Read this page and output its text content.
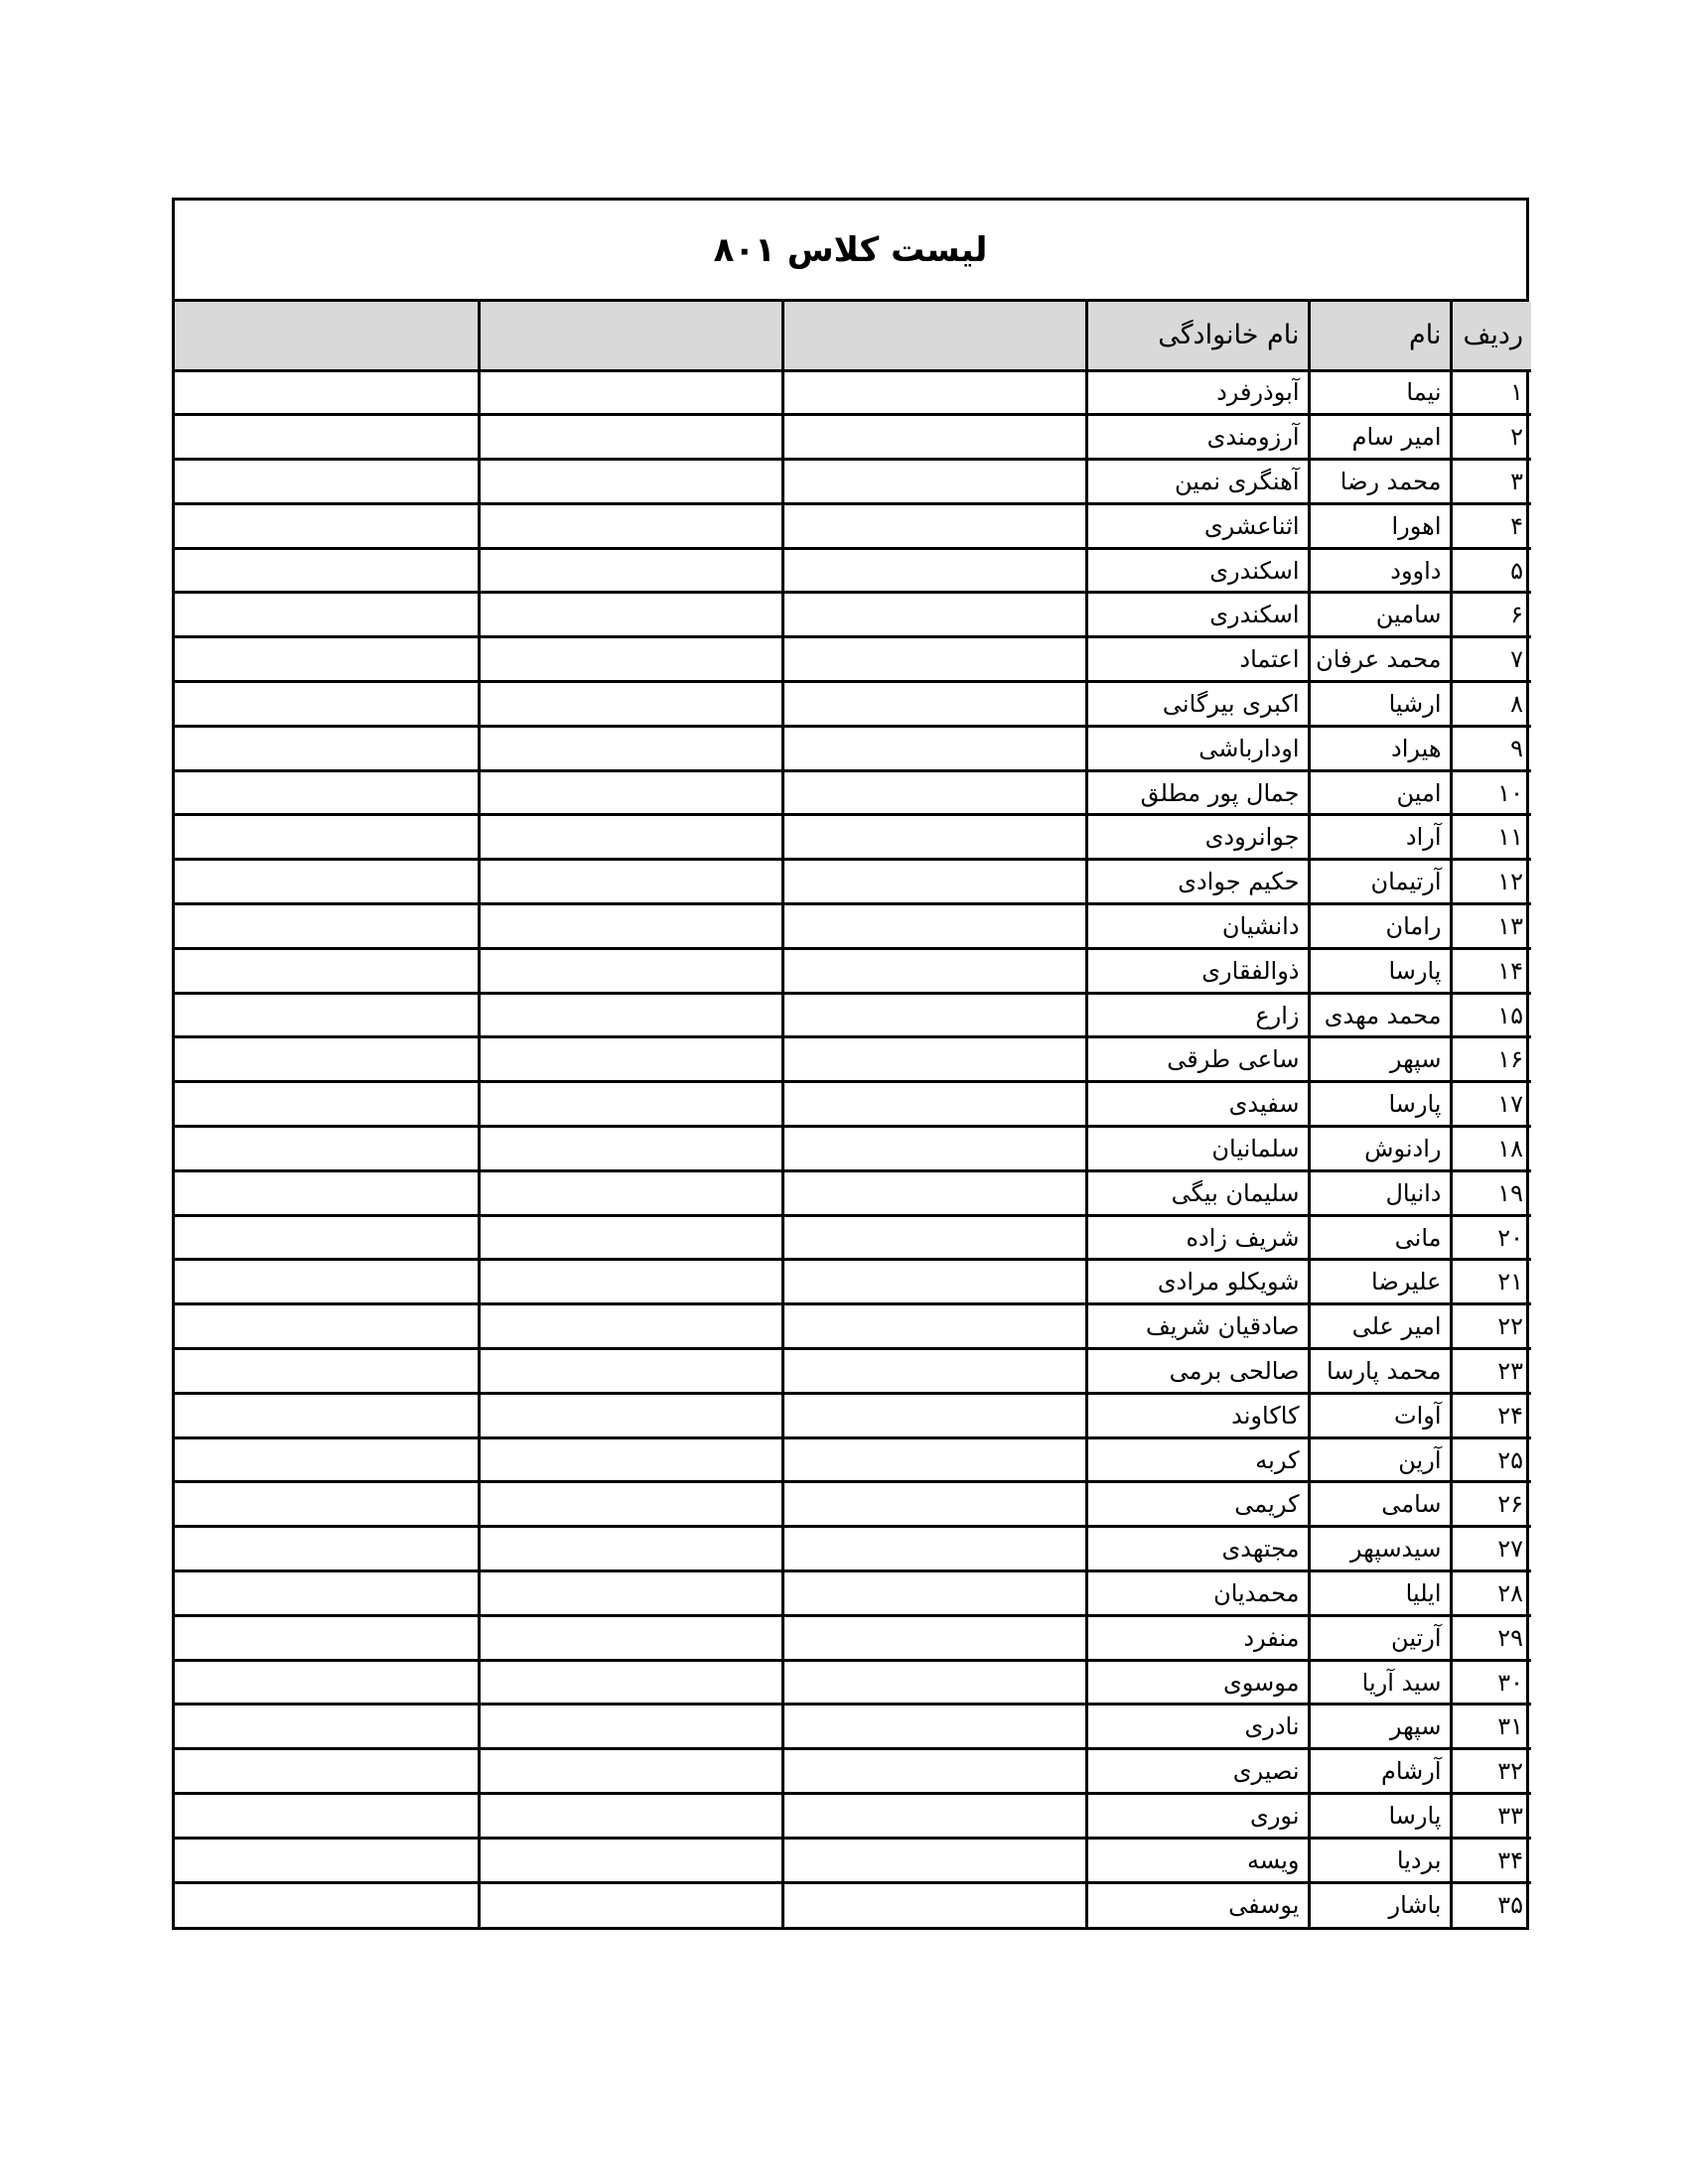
لیست کلاس ۸۰۱
ردیف	نام	نام خانوادگی			
۱	نیما	آبوذرفرد			
۲	امیر سام	آرزومندی			
۳	محمد رضا	آهنگری نمین			
۴	اهورا	اثناعشری			
۵	داوود	اسکندری			
۶	سامین	اسکندری			
۷	محمد عرفان	اعتماد			
۸	ارشیا	اکبری بیرگانی			
۹	هیراد	اودارباشی			
۱۰	امین	جمال پور مطلق			
۱۱	آراد	جوانرودی			
۱۲	آرتیمان	حکیم جوادی			
۱۳	رامان	دانشیان			
۱۴	پارسا	ذوالفقاری			
۱۵	محمد مهدی	زارع			
۱۶	سپهر	ساعی طرقی			
۱۷	پارسا	سفیدی			
۱۸	رادنوش	سلمانیان			
۱۹	دانیال	سلیمان بیگی			
۲۰	مانی	شریف زاده			
۲۱	علیرضا	شویکلو مرادی			
۲۲	امیر علی	صادقیان شریف			
۲۳	محمد پارسا	صالحی برمی			
۲۴	آوات	کاکاوند			
۲۵	آرین	کربه			
۲۶	سامی	کریمی			
۲۷	سیدسپهر	مجتهدی			
۲۸	ایلیا	محمدیان			
۲۹	آرتین	منفرد			
۳۰	سید آریا	موسوی			
۳۱	سپهر	نادری			
۳۲	آرشام	نصیری			
۳۳	پارسا	نوری			
۳۴	بردیا	ویسه			
۳۵	باشار	یوسفی			
